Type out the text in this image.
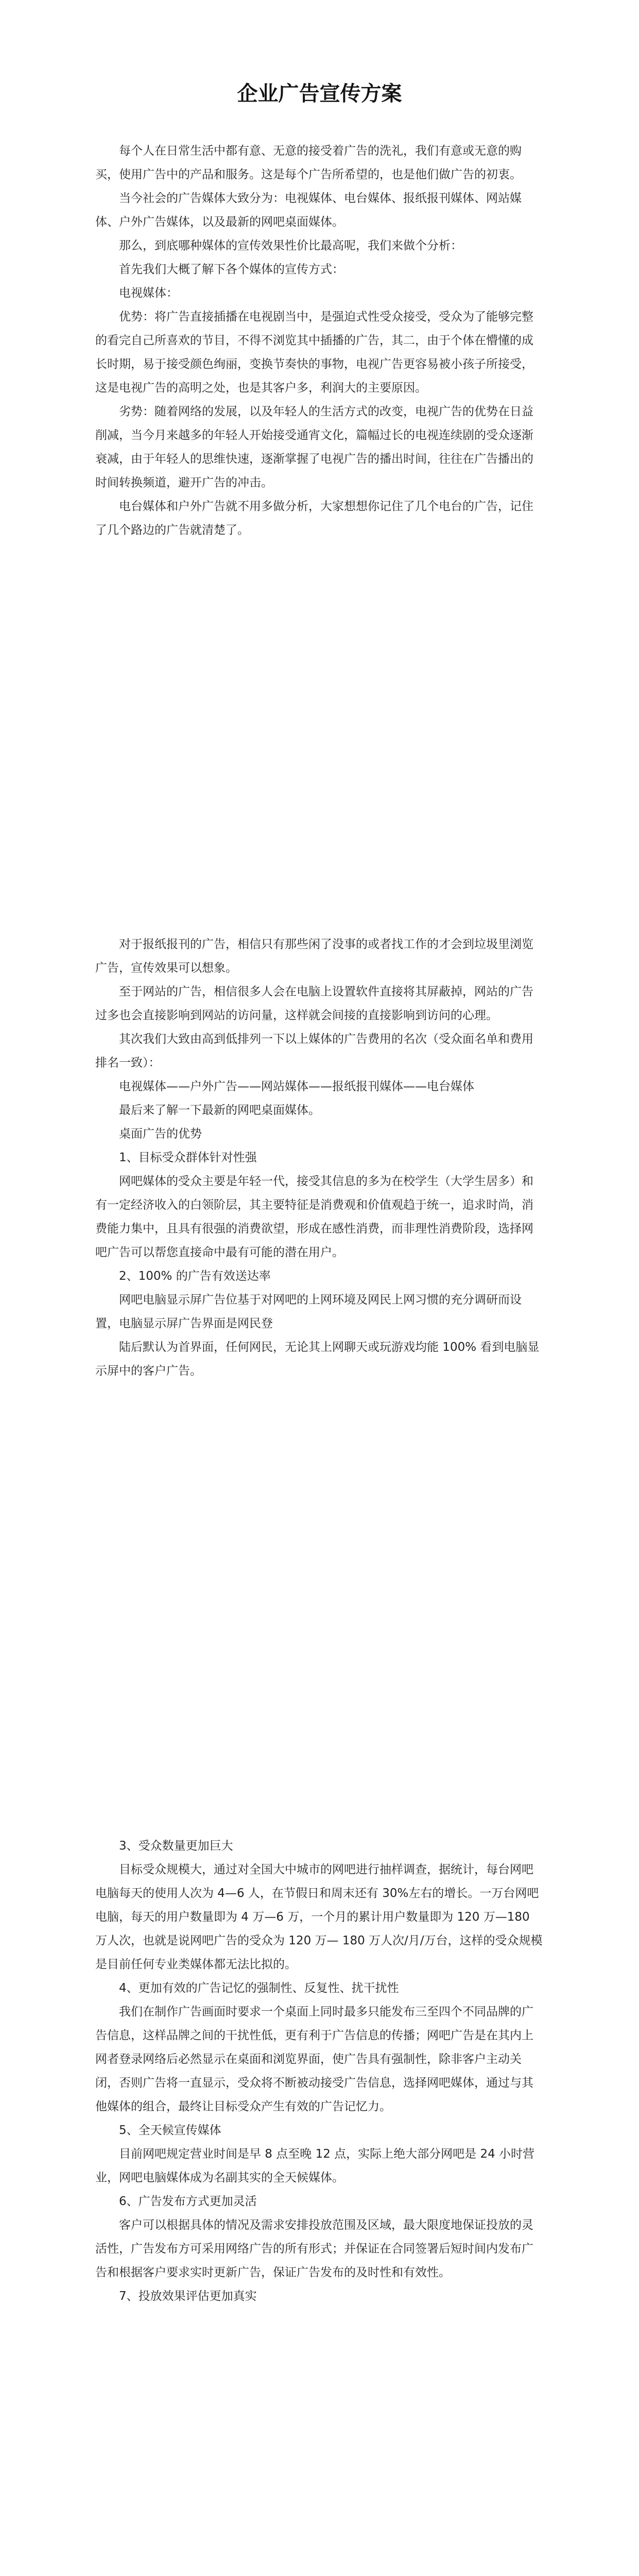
企业广告宣传方案

每个人在日常生活中都有意、无意的接受着广告的洗礼，我们有意或无意的购买，使用广告中的产品和服务。这是每个广告所希望的，也是他们做广告的初衷。

当今社会的广告媒体大致分为：电视媒体、电台媒体、报纸报刊媒体、网站媒体、户外广告媒体，以及最新的网吧桌面媒体。

那么，到底哪种媒体的宣传效果性价比最高呢，我们来做个分析：

首先我们大概了解下各个媒体的宣传方式：

电视媒体：

优势：将广告直接插播在电视剧当中，是强迫式性受众接受，受众为了能够完整的看完自己所喜欢的节目，不得不浏览其中插播的广告，其二，由于个体在懵懂的成长时期，易于接受颜色绚丽，变换节奏快的事物，电视广告更容易被小孩子所接受，这是电视广告的高明之处，也是其客户多，利润大的主要原因。

劣势：随着网络的发展，以及年轻人的生活方式的改变，电视广告的优势在日益削减，当今月来越多的年轻人开始接受通宵文化，篇幅过长的电视连续剧的受众逐渐衰减，由于年轻人的思维快速，逐渐掌握了电视广告的播出时间，往往在广告播出的时间转换频道，避开广告的冲击。

电台媒体和户外广告就不用多做分析，大家想想你记住了几个电台的广告，记住了几个路边的广告就清楚了。

对于报纸报刊的广告，相信只有那些闲了没事的或者找工作的才会到垃圾里浏览广告，宣传效果可以想象。

至于网站的广告，相信很多人会在电脑上设置软件直接将其屏蔽掉，网站的广告过多也会直接影响到网站的访问量，这样就会间接的直接影响到访问的心理。

其次我们大致由高到低排列一下以上媒体的广告费用的名次（受众面名单和费用排名一致）：

电视媒体——户外广告——网站媒体——报纸报刊媒体——电台媒体

最后来了解一下最新的网吧桌面媒体。

桌面广告的优势

1、目标受众群体针对性强

网吧媒体的受众主要是年轻一代，接受其信息的多为在校学生（大学生居多）和有一定经济收入的白领阶层，其主要特征是消费观和价值观趋于统一，追求时尚，消费能力集中，且具有很强的消费欲望，形成在感性消费，而非理性消费阶段，选择网吧广告可以帮您直接命中最有可能的潜在用户。

2、100% 的广告有效送达率

网吧电脑显示屏广告位基于对网吧的上网环境及网民上网习惯的充分调研而设置，电脑显示屏广告界面是网民登

陆后默认为首界面，任何网民，无论其上网聊天或玩游戏均能 100% 看到电脑显示屏中的客户广告。

3、受众数量更加巨大

目标受众规模大，通过对全国大中城市的网吧进行抽样调查，据统计，每台网吧电脑每天的使用人次为 4—6 人，在节假日和周末还有 30%左右的增长。一万台网吧电脑，每天的用户数量即为 4 万—6 万，一个月的累计用户数量即为 120 万—180 万人次，也就是说网吧广告的受众为 120 万— 180 万人次/月/万台，这样的受众规模是目前任何专业类媒体都无法比拟的。

4、更加有效的广告记忆的强制性、反复性、扰干扰性

我们在制作广告画面时要求一个桌面上同时最多只能发布三至四个不同品牌的广告信息，这样品牌之间的干扰性低，更有利于广告信息的传播；网吧广告是在其内上网者登录网络后必然显示在桌面和浏览界面，使广告具有强制性，除非客户主动关闭，否则广告将一直显示，受众将不断被动接受广告信息，选择网吧媒体，通过与其他媒体的组合，最终让目标受众产生有效的广告记忆力。

5、全天候宣传媒体

目前网吧规定营业时间是早 8 点至晚 12 点，实际上绝大部分网吧是 24 小时营业，网吧电脑媒体成为名副其实的全天候媒体。

6、广告发布方式更加灵活

客户可以根据具体的情况及需求安排投放范围及区域，最大限度地保证投放的灵活性，广告发布方可采用网络广告的所有形式；并保证在合同签署后短时间内发布广告和根据客户要求实时更新广告，保证广告发布的及时性和有效性。

7、投放效果评估更加真实
